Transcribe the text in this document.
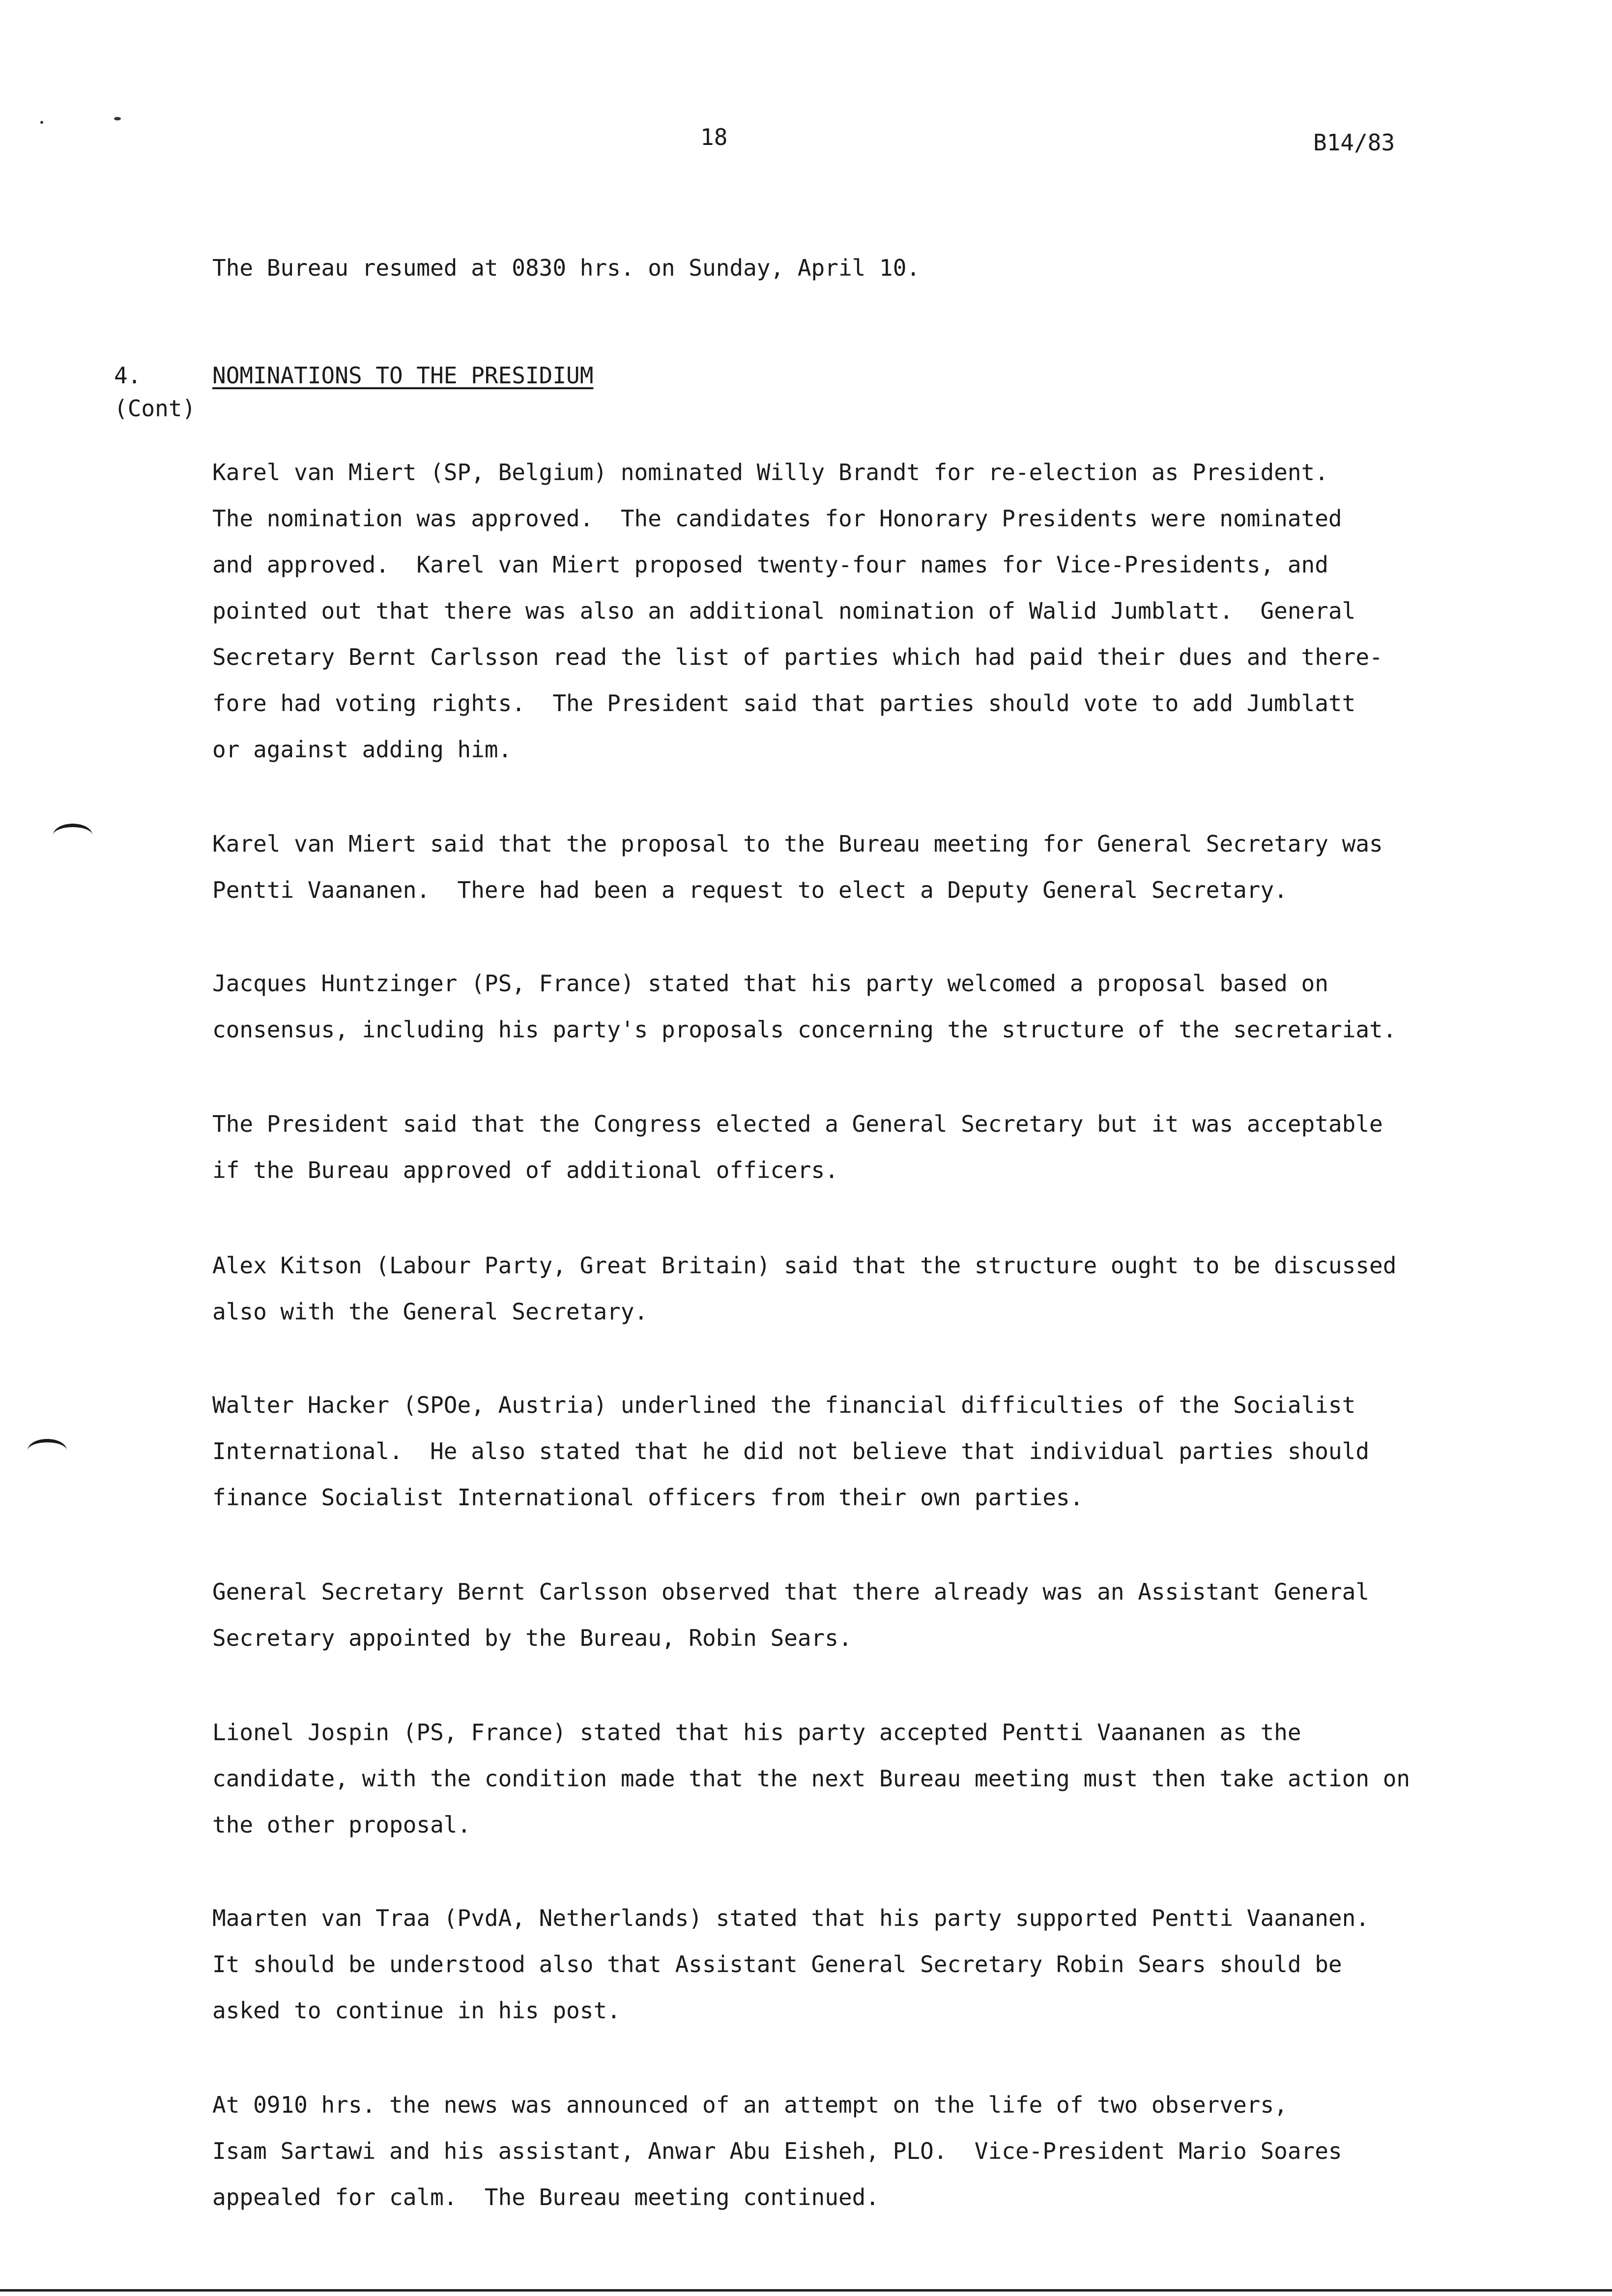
18	B14/83
The Bureau resumed at 0830 hrs. on Sunday, April 10.
4.
(Cont)
NOMINATIONS TO THE PRESIDIUM
Karel van Miert (SP, Belgium) nominated Willy Brandt for re-election as President.
The nomination was approved.  The candidates for Honorary Presidents were nominated
and approved.  Karel van Miert proposed twenty-four names for Vice-Presidents, and
pointed out that there was also an additional nomination of Walid Jumblatt.  General
Secretary Bernt Carlsson read the list of parties which had paid their dues and there-
fore had voting rights.  The President said that parties should vote to add Jumblatt
or against adding him.
Karel van Miert said that the proposal to the Bureau meeting for General Secretary was
Pentti Vaananen.  There had been a request to elect a Deputy General Secretary.
Jacques Huntzinger (PS, France) stated that his party welcomed a proposal based on
consensus, including his party's proposals concerning the structure of the secretariat.
The President said that the Congress elected a General Secretary but it was acceptable
if the Bureau approved of additional officers.
Alex Kitson (Labour Party, Great Britain) said that the structure ought to be discussed
also with the General Secretary.
Walter Hacker (SPOe, Austria) underlined the financial difficulties of the Socialist
International.  He also stated that he did not believe that individual parties should
finance Socialist International officers from their own parties.
General Secretary Bernt Carlsson observed that there already was an Assistant General
Secretary appointed by the Bureau, Robin Sears.
Lionel Jospin (PS, France) stated that his party accepted Pentti Vaananen as the
candidate, with the condition made that the next Bureau meeting must then take action on
the other proposal.
Maarten van Traa (PvdA, Netherlands) stated that his party supported Pentti Vaananen.
It should be understood also that Assistant General Secretary Robin Sears should be
asked to continue in his post.
At 0910 hrs. the news was announced of an attempt on the life of two observers,
Isam Sartawi and his assistant, Anwar Abu Eisheh, PLO.  Vice-President Mario Soares
appealed for calm.  The Bureau meeting continued.
